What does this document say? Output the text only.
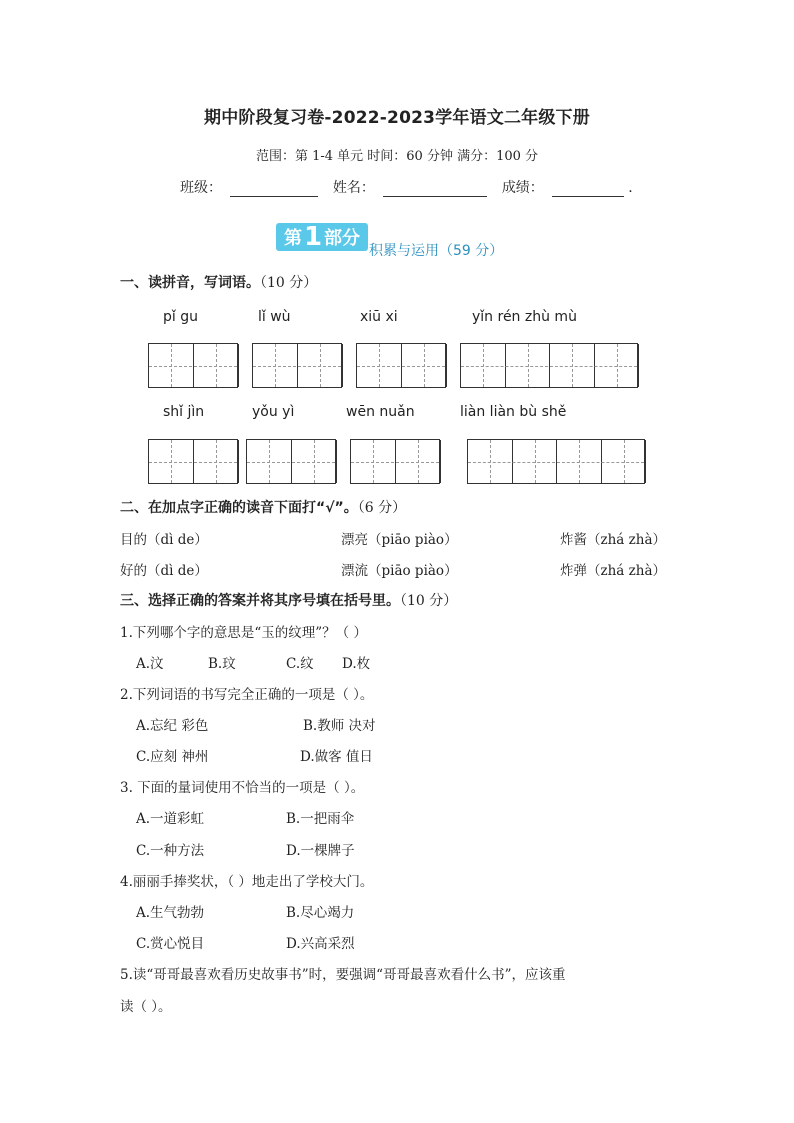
期中阶段复习卷-2022-2023学年语文二年级下册
范围：第 1-4 单元 时间：60 分钟 满分：100 分
班级：	姓名：	成绩：	.
第 1 部分
积累与运用（59 分）
一、读拼音，写词语。（10 分）
pǐ gu	lǐ wù	xiū xi	yǐn rén zhù mù
shǐ jìn	yǒu yì	wēn nuǎn	liàn liàn bù shě
二、在加点字正确的读音下面打“√”。（6 分）
目的（dì de）	漂亮（piāo piào）	炸酱（zhá zhà）
好的（dì de）	漂流（piāo piào）	炸弹（zhá zhà）
三、选择正确的答案并将其序号填在括号里。（10 分）
1.下列哪个字的意思是“玉的纹理”？（ ）
A.汶	B.玟	C.纹 D.枚
2.下列词语的书写完全正确的一项是（ ）。
A.忘纪 彩色	B.教师 决对
C.应刻 神州	D.做客 值日
3. 下面的量词使用不恰当的一项是（ ）。
A.一道彩虹	B.一把雨伞
C.一种方法	D.一棵牌子
4.丽丽手捧奖状，（ ）地走出了学校大门。
A.生气勃勃	B.尽心竭力
C.赏心悦目	D.兴高采烈
5.读“哥哥最喜欢看历史故事书”时，要强调“哥哥最喜欢看什么书”，应该重
读（ ）。
